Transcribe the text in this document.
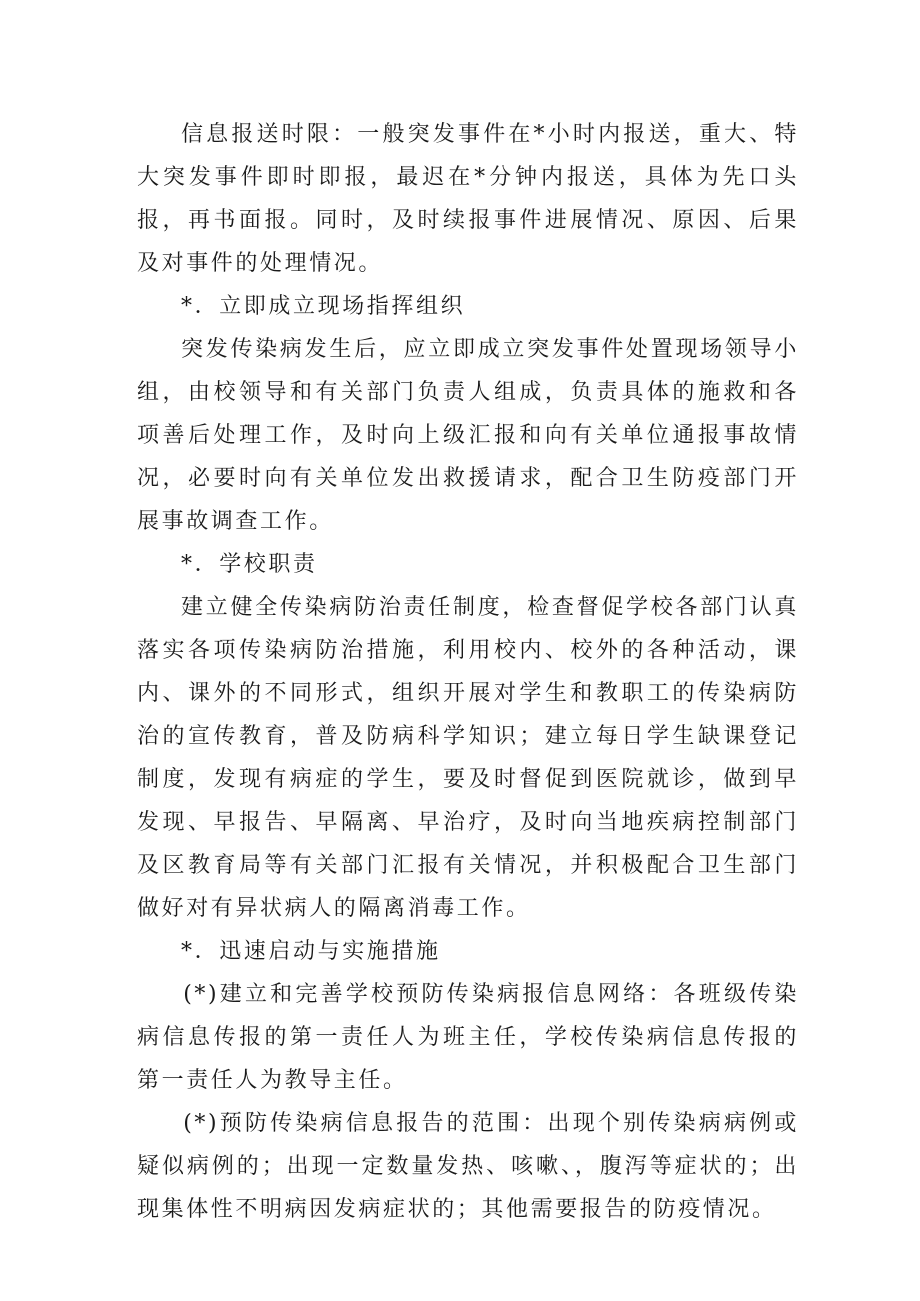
信息报送时限：一般突发事件在*小时内报送，重大、特大突发事件即时即报，最迟在*分钟内报送，具体为先口头报，再书面报。同时，及时续报事件进展情况、原因、后果及对事件的处理情况。

*．立即成立现场指挥组织

突发传染病发生后，应立即成立突发事件处置现场领导小组，由校领导和有关部门负责人组成，负责具体的施救和各项善后处理工作，及时向上级汇报和向有关单位通报事故情况，必要时向有关单位发出救援请求，配合卫生防疫部门开展事故调查工作。

*．学校职责

建立健全传染病防治责任制度，检查督促学校各部门认真落实各项传染病防治措施，利用校内、校外的各种活动，课内、课外的不同形式，组织开展对学生和教职工的传染病防治的宣传教育，普及防病科学知识；建立每日学生缺课登记制度，发现有病症的学生，要及时督促到医院就诊，做到早发现、早报告、早隔离、早治疗，及时向当地疾病控制部门及区教育局等有关部门汇报有关情况，并积极配合卫生部门做好对有异状病人的隔离消毒工作。

*．迅速启动与实施措施

(*)建立和完善学校预防传染病报信息网络：各班级传染病信息传报的第一责任人为班主任，学校传染病信息传报的第一责任人为教导主任。

(*)预防传染病信息报告的范围：出现个别传染病病例或疑似病例的；出现一定数量发热、咳嗽、，腹泻等症状的；出现集体性不明病因发病症状的；其他需要报告的防疫情况。
